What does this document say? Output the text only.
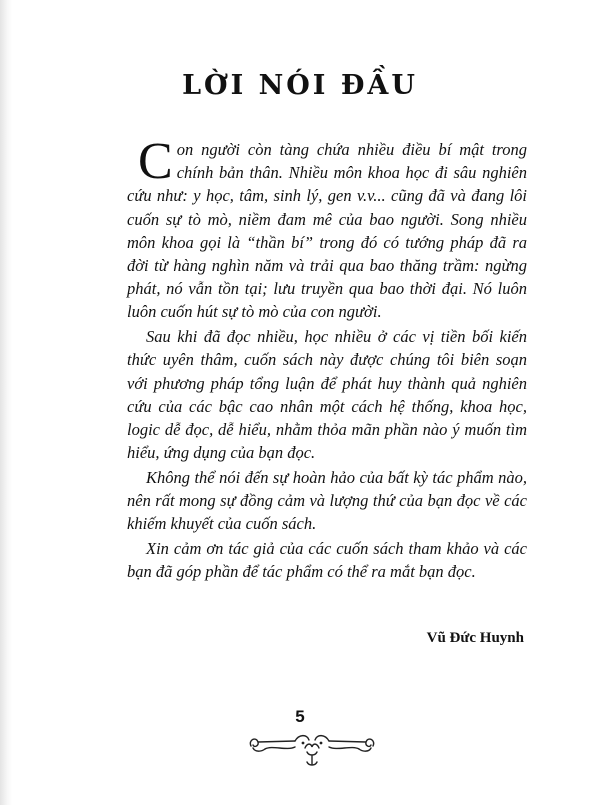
LỜI NÓI ĐẦU

Con người còn tàng chứa nhiều điều bí mật trong chính bản thân. Nhiều môn khoa học đi sâu nghiên cứu như: y học, tâm, sinh lý, gen v.v... cũng đã và đang lôi cuốn sự tò mò, niềm đam mê của bao người. Song nhiều môn khoa gọi là “thần bí” trong đó có tướng pháp đã ra đời từ hàng nghìn năm và trải qua bao thăng trầm: ngừng phát, nó vẫn tồn tại; lưu truyền qua bao thời đại. Nó luôn luôn cuốn hút sự tò mò của con người.

Sau khi đã đọc nhiều, học nhiều ở các vị tiền bối kiến thức uyên thâm, cuốn sách này được chúng tôi biên soạn với phương pháp tổng luận để phát huy thành quả nghiên cứu của các bậc cao nhân một cách hệ thống, khoa học, logic dễ đọc, dễ hiểu, nhằm thỏa mãn phần nào ý muốn tìm hiểu, ứng dụng của bạn đọc.

Không thể nói đến sự hoàn hảo của bất kỳ tác phẩm nào, nên rất mong sự đồng cảm và lượng thứ của bạn đọc về các khiếm khuyết của cuốn sách.

Xin cảm ơn tác giả của các cuốn sách tham khảo và các bạn đã góp phần để tác phẩm có thể ra mắt bạn đọc.

Vũ Đức Huynh
5
